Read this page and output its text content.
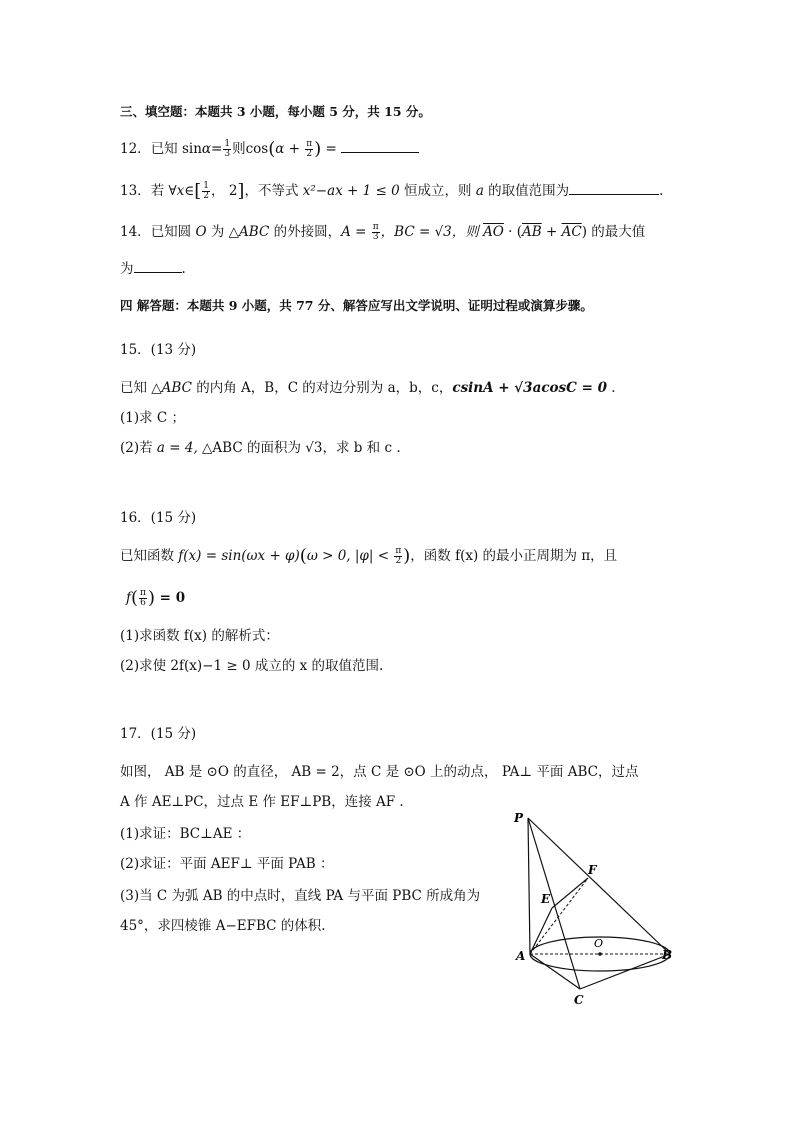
三、填空题：本题共 3 小题，每小题 5 分，共 15 分。
12．已知 $\sin\alpha= \frac{1}{3}$ 则$\cos(\alpha + \frac{\pi}{2}$ ) =
13．若 ∀x∈[ $\frac{1}{2}$ ， 2]，不等式 x²−ax + 1 ≤ 0 恒成立，则 a 的取值范围为	.
14．已知圆 O 为 △ABC 的外接圆，$A = \frac{\pi}{3}$ ，BC = √3，则 $\overline{AO} \cdot (\overline{AB} + \overline{AC})$ 的最大值
为	.
四 解答题：本题共 9 小题，共 77 分、解答应写出文学说明、证明过程或演算步骤。
15．(13 分)
已知 △ABC 的内角 A，B，C 的对边分别为 a，b，c，csinA + √3acosC = 0 .
(1)求 C ；
(2)若 a = 4, △ABC 的面积为 √3，求 b 和 c .
16．(15 分)
已知函数 f(x) = sin(ωx + φ)(ω > 0, $|\varphi| < \frac{\pi}{2}$ )，函数 f(x) 的最小正周期为 π，且
$f( \frac{\pi}{6}$ ) = 0
(1)求函数 f(x) 的解析式：
(2)求使 2f(x)−1 ≥ 0 成立的 x 的取值范围.
17．(15 分)
如图， AB 是 ⊙O 的直径， AB = 2，点 C 是 ⊙O 上的动点， PA⊥ 平面 ABC，过点
A 作 AE⊥PC，过点 E 作 EF⊥PB，连接 AF .
(1)求证：BC⊥AE ：
(2)求证：平面 AEF⊥ 平面 PAB ：
(3)当 C 为弧 AB 的中点时，直线 PA 与平面 PBC 所成角为
45°，求四棱锥 A−EFBC 的体积.
P
F
E
O
A	B
C
